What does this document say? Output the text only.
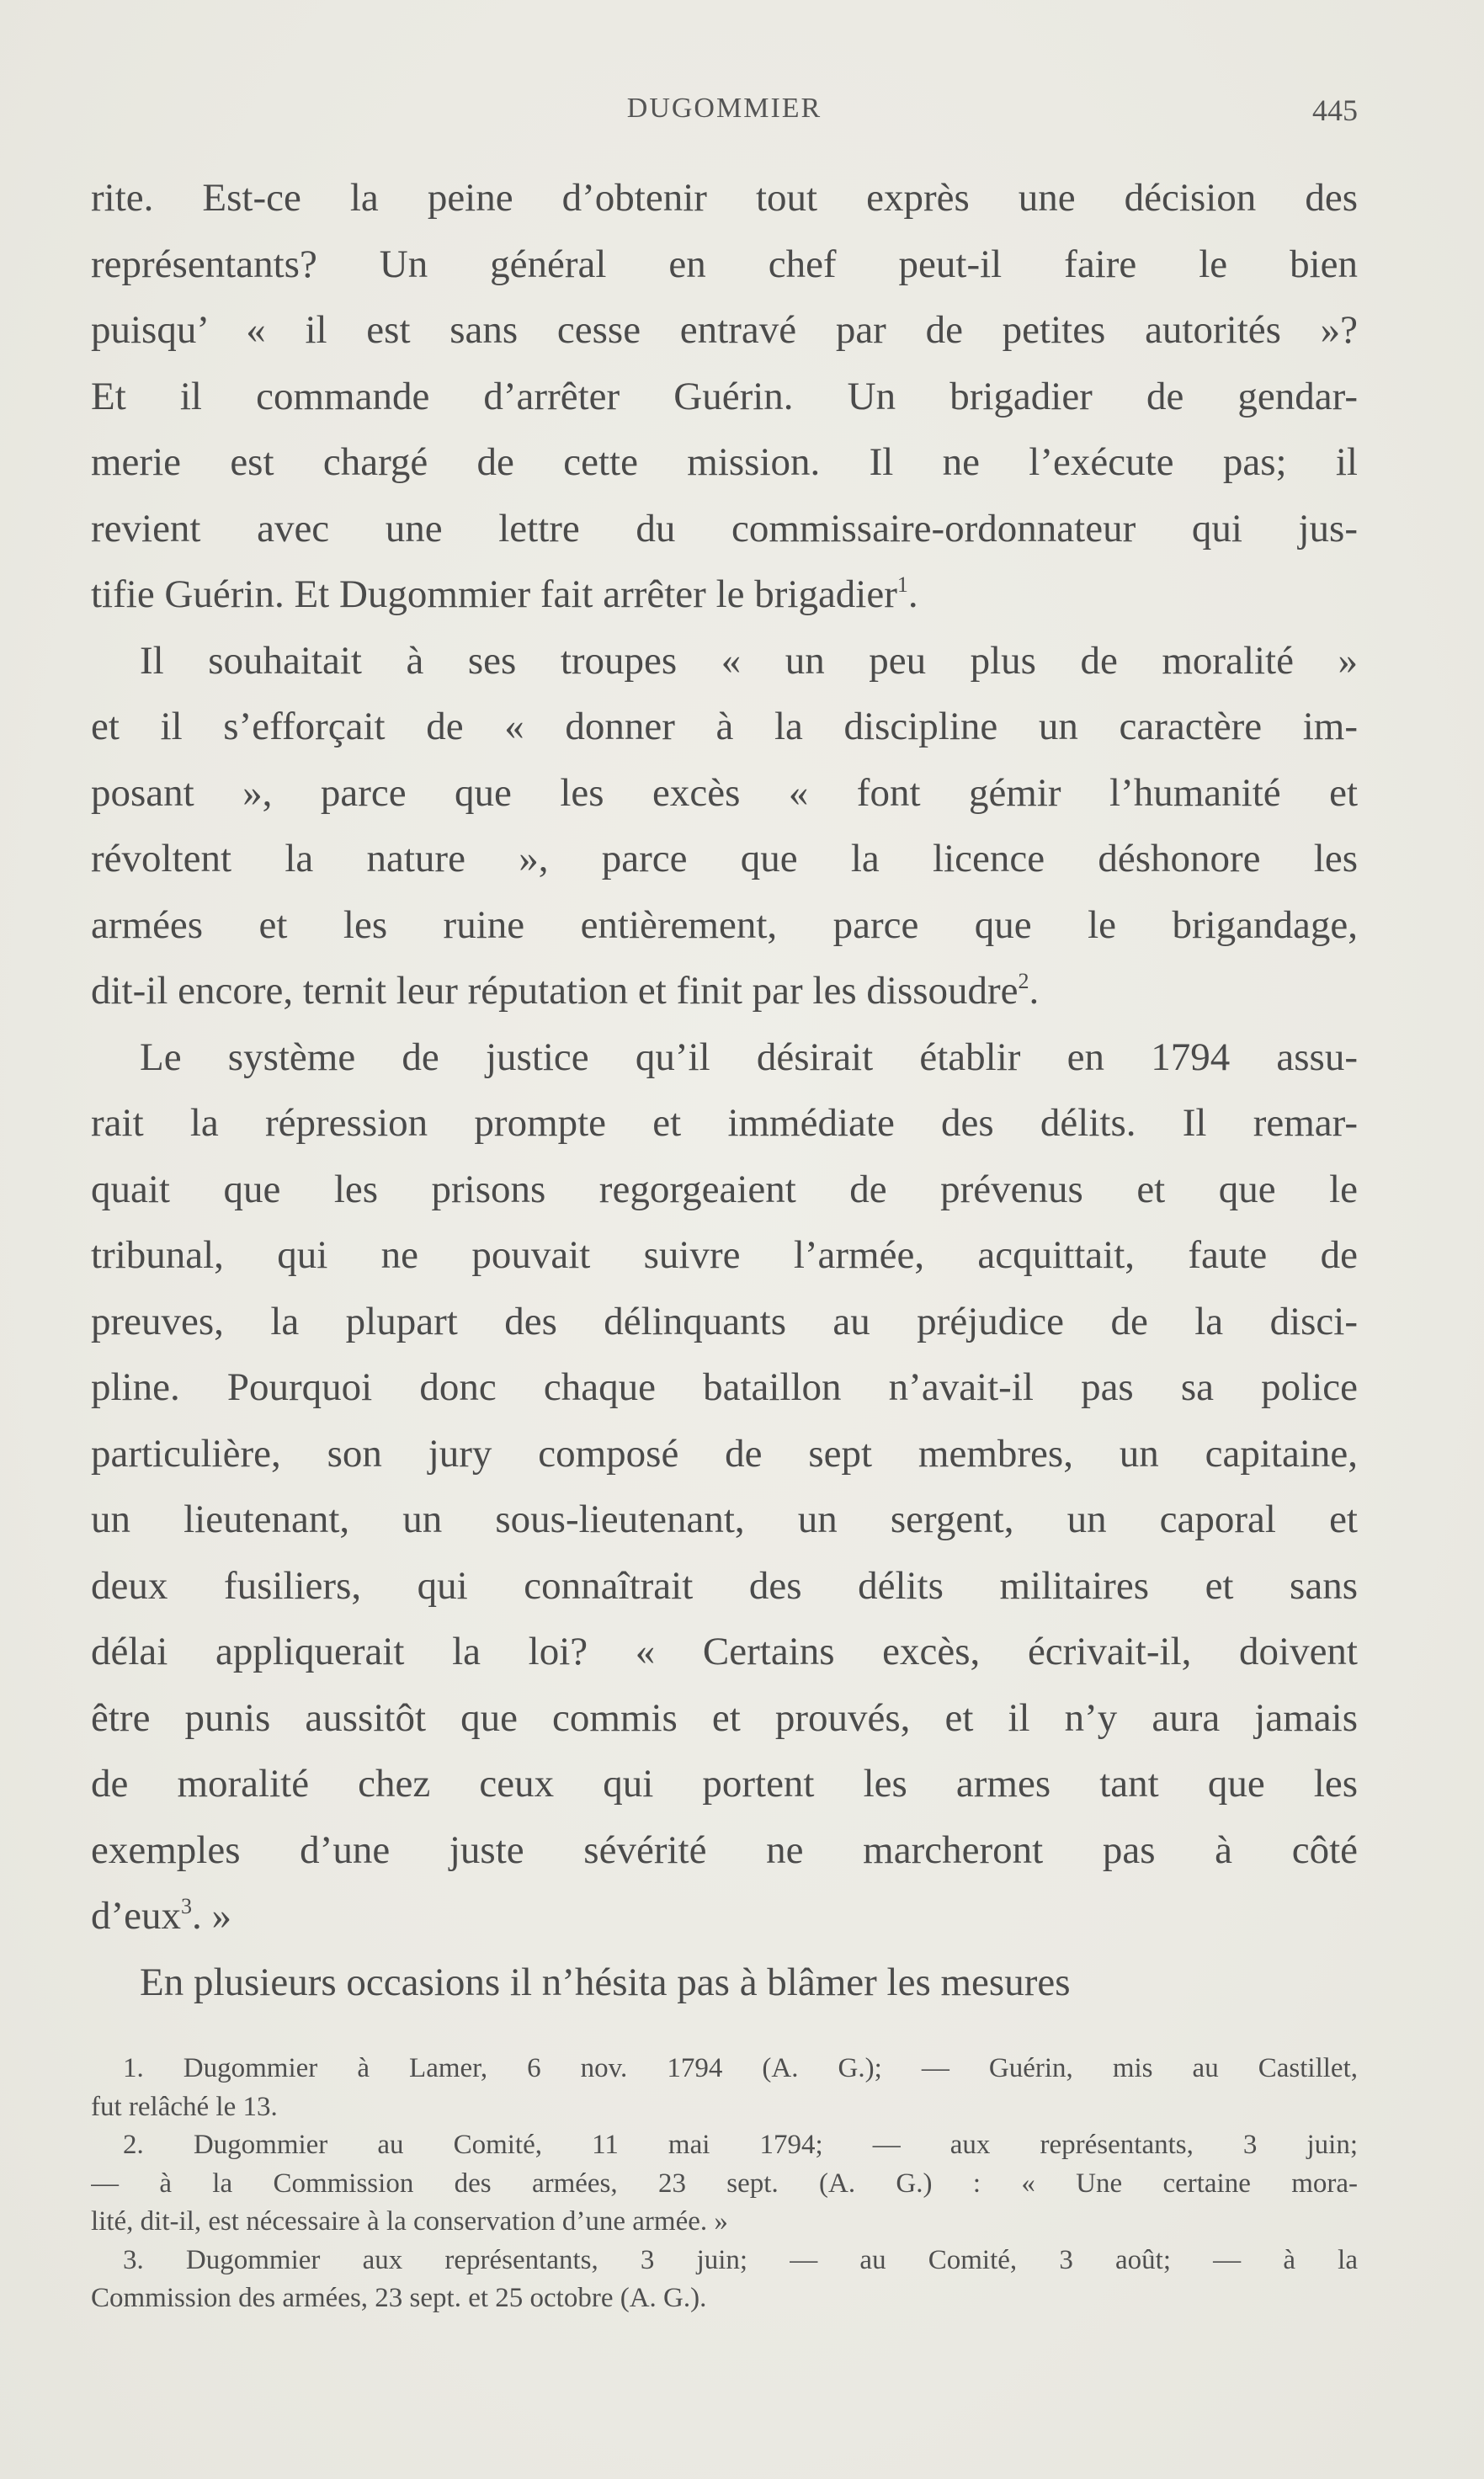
DUGOMMIER	445
rite. Est-ce la peine d’obtenir tout exprès une décision des
représentants? Un général en chef peut-il faire le bien
puisqu’ « il est sans cesse entravé par de petites autorités »?
Et il commande d’arrêter Guérin. Un brigadier de gendar-
merie est chargé de cette mission. Il ne l’exécute pas; il
revient avec une lettre du commissaire-ordonnateur qui jus-
tifie Guérin. Et Dugommier fait arrêter le brigadier$^1$.
Il souhaitait à ses troupes « un peu plus de moralité »
et il s’efforçait de « donner à la discipline un caractère im-
posant », parce que les excès « font gémir l’humanité et
révoltent la nature », parce que la licence déshonore les
armées et les ruine entièrement, parce que le brigandage,
dit-il encore, ternit leur réputation et finit par les dissoudre$^2$.
Le système de justice qu’il désirait établir en 1794 assu-
rait la répression prompte et immédiate des délits. Il remar-
quait que les prisons regorgeaient de prévenus et que le
tribunal, qui ne pouvait suivre l’armée, acquittait, faute de
preuves, la plupart des délinquants au préjudice de la disci-
pline. Pourquoi donc chaque bataillon n’avait-il pas sa police
particulière, son jury composé de sept membres, un capitaine,
un lieutenant, un sous-lieutenant, un sergent, un caporal et
deux fusiliers, qui connaîtrait des délits militaires et sans
délai appliquerait la loi? « Certains excès, écrivait-il, doivent
être punis aussitôt que commis et prouvés, et il n’y aura jamais
de moralité chez ceux qui portent les armes tant que les
exemples d’une juste sévérité ne marcheront pas à côté
d’eux$^3$. »
En plusieurs occasions il n’hésita pas à blâmer les mesures
1. Dugommier à Lamer, 6 nov. 1794 (A. G.); — Guérin, mis au Castillet,
fut relâché le 13.
2. Dugommier au Comité, 11 mai 1794; — aux représentants, 3 juin;
— à la Commission des armées, 23 sept. (A. G.) : « Une certaine mora-
lité, dit-il, est nécessaire à la conservation d’une armée. »
3. Dugommier aux représentants, 3 juin; — au Comité, 3 août; — à la
Commission des armées, 23 sept. et 25 octobre (A. G.).
